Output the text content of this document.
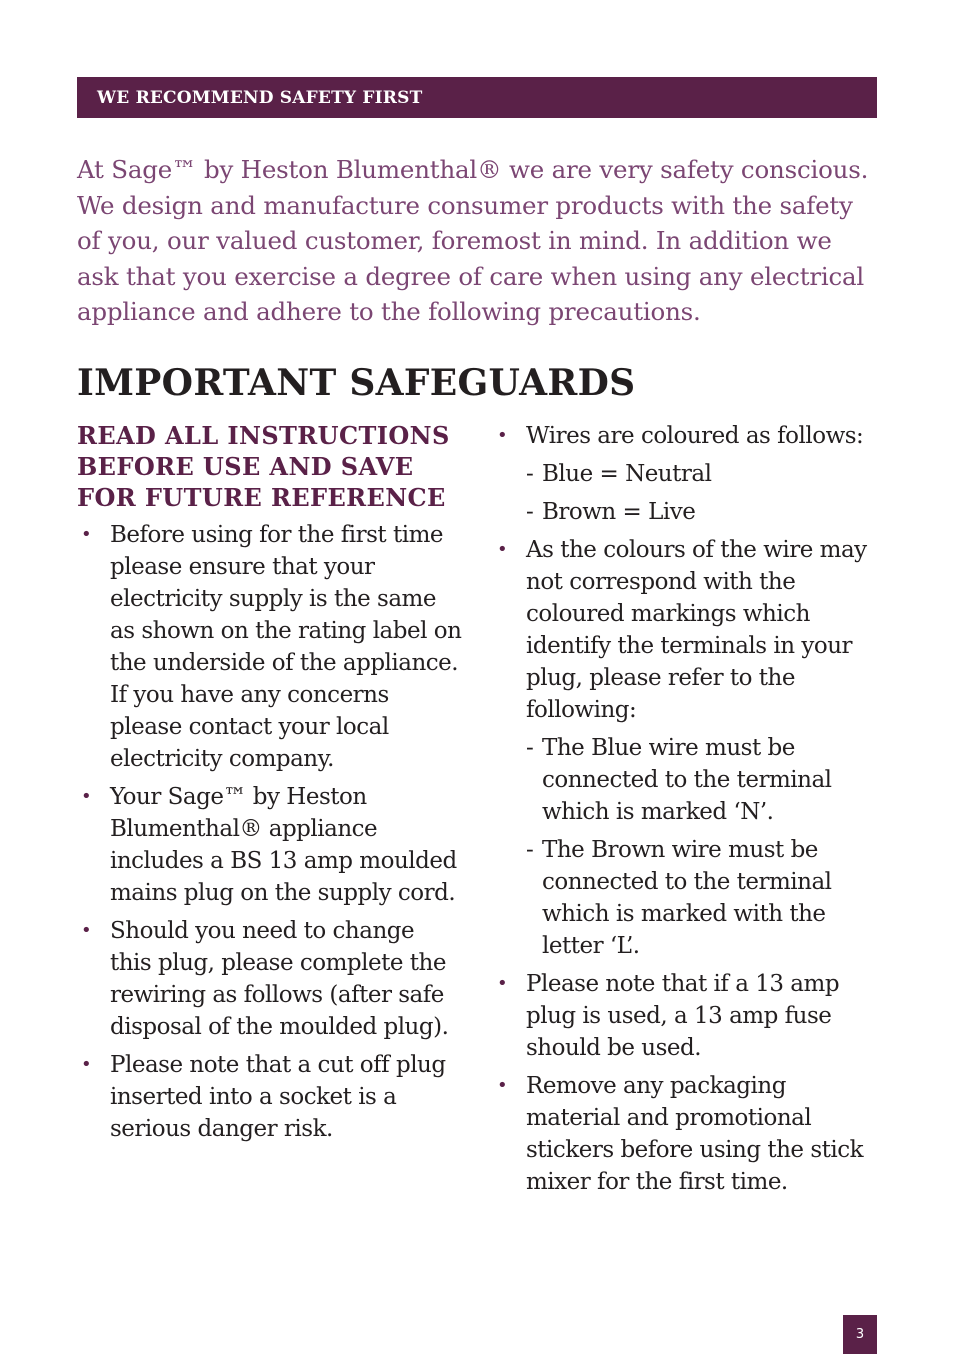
WE RECOMMEND SAFETY FIRST

At Sage™ by Heston Blumenthal® we are very safety conscious. We design and manufacture consumer products with the safety of you, our valued customer, foremost in mind. In addition we ask that you exercise a degree of care when using any electrical appliance and adhere to the following precautions.

IMPORTANT SAFEGUARDS
READ ALL INSTRUCTIONS BEFORE USE AND SAVE FOR FUTURE REFERENCE
• Before using for the first time please ensure that your electricity supply is the same as shown on the rating label on the underside of the appliance. If you have any concerns please contact your local electricity company.
• Your Sage™ by Heston Blumenthal® appliance includes a BS 13 amp moulded mains plug on the supply cord.
• Should you need to change this plug, please complete the rewiring as follows (after safe disposal of the moulded plug).
• Please note that a cut off plug inserted into a socket is a serious danger risk.
• Wires are coloured as follows:
- Blue = Neutral
- Brown = Live
• As the colours of the wire may not correspond with the coloured markings which identify the terminals in your plug, please refer to the following:
- The Blue wire must be connected to the terminal which is marked ‘N’.
- The Brown wire must be connected to the terminal which is marked with the letter ‘L’.
• Please note that if a 13 amp plug is used, a 13 amp fuse should be used.
• Remove any packaging material and promotional stickers before using the stick mixer for the first time.
3
